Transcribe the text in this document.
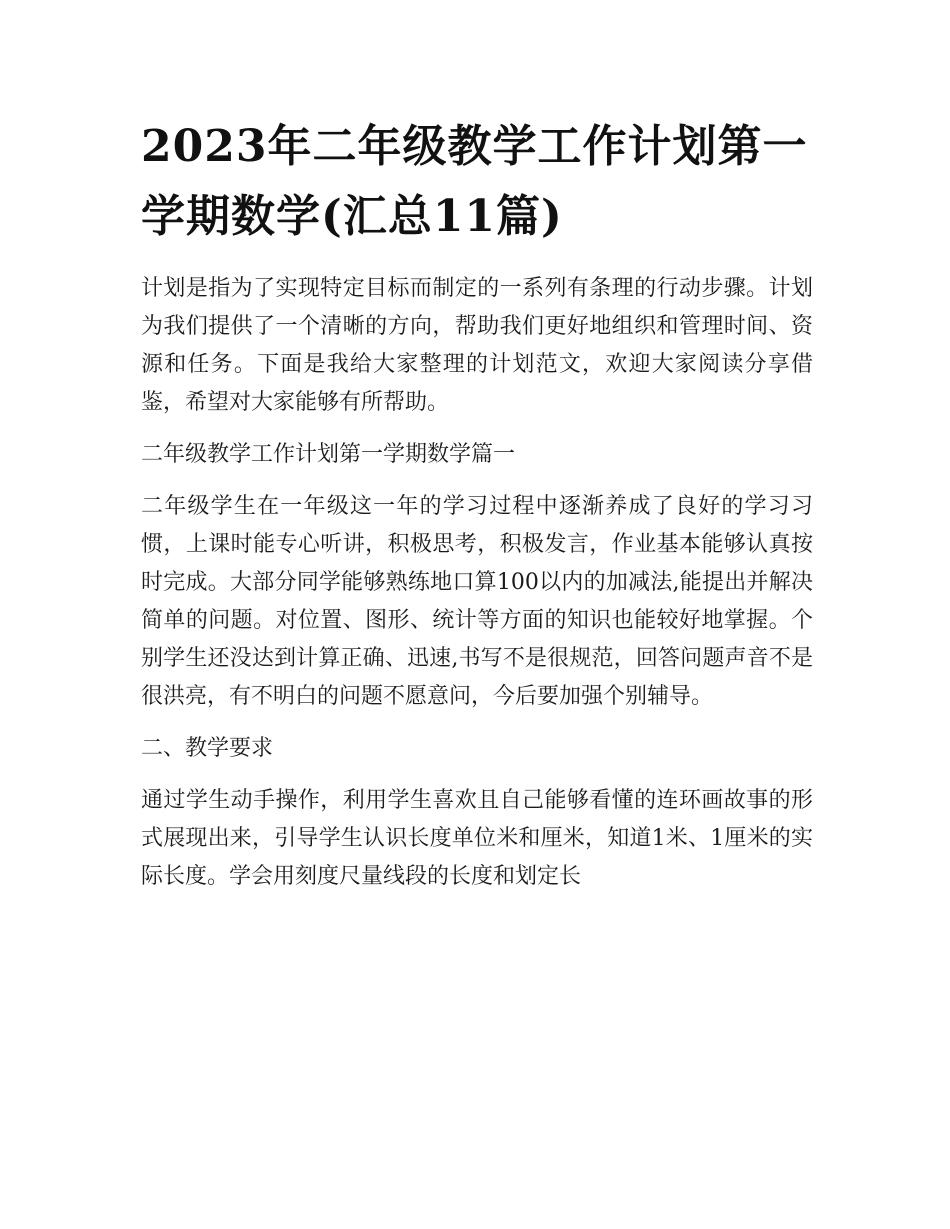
2023年二年级教学工作计划第一学期数学(汇总11篇)

计划是指为了实现特定目标而制定的一系列有条理的行动步骤。计划为我们提供了一个清晰的方向，帮助我们更好地组织和管理时间、资源和任务。下面是我给大家整理的计划范文，欢迎大家阅读分享借鉴，希望对大家能够有所帮助。

二年级教学工作计划第一学期数学篇一

二年级学生在一年级这一年的学习过程中逐渐养成了良好的学习习惯，上课时能专心听讲，积极思考，积极发言，作业基本能够认真按时完成。大部分同学能够熟练地口算100以内的加减法,能提出并解决简单的问题。对位置、图形、统计等方面的知识也能较好地掌握。个别学生还没达到计算正确、迅速,书写不是很规范，回答问题声音不是很洪亮，有不明白的问题不愿意问，今后要加强个别辅导。

二、教学要求

通过学生动手操作，利用学生喜欢且自己能够看懂的连环画故事的形式展现出来，引导学生认识长度单位米和厘米，知道1米、1厘米的实际长度。学会用刻度尺量线段的长度和划定长
